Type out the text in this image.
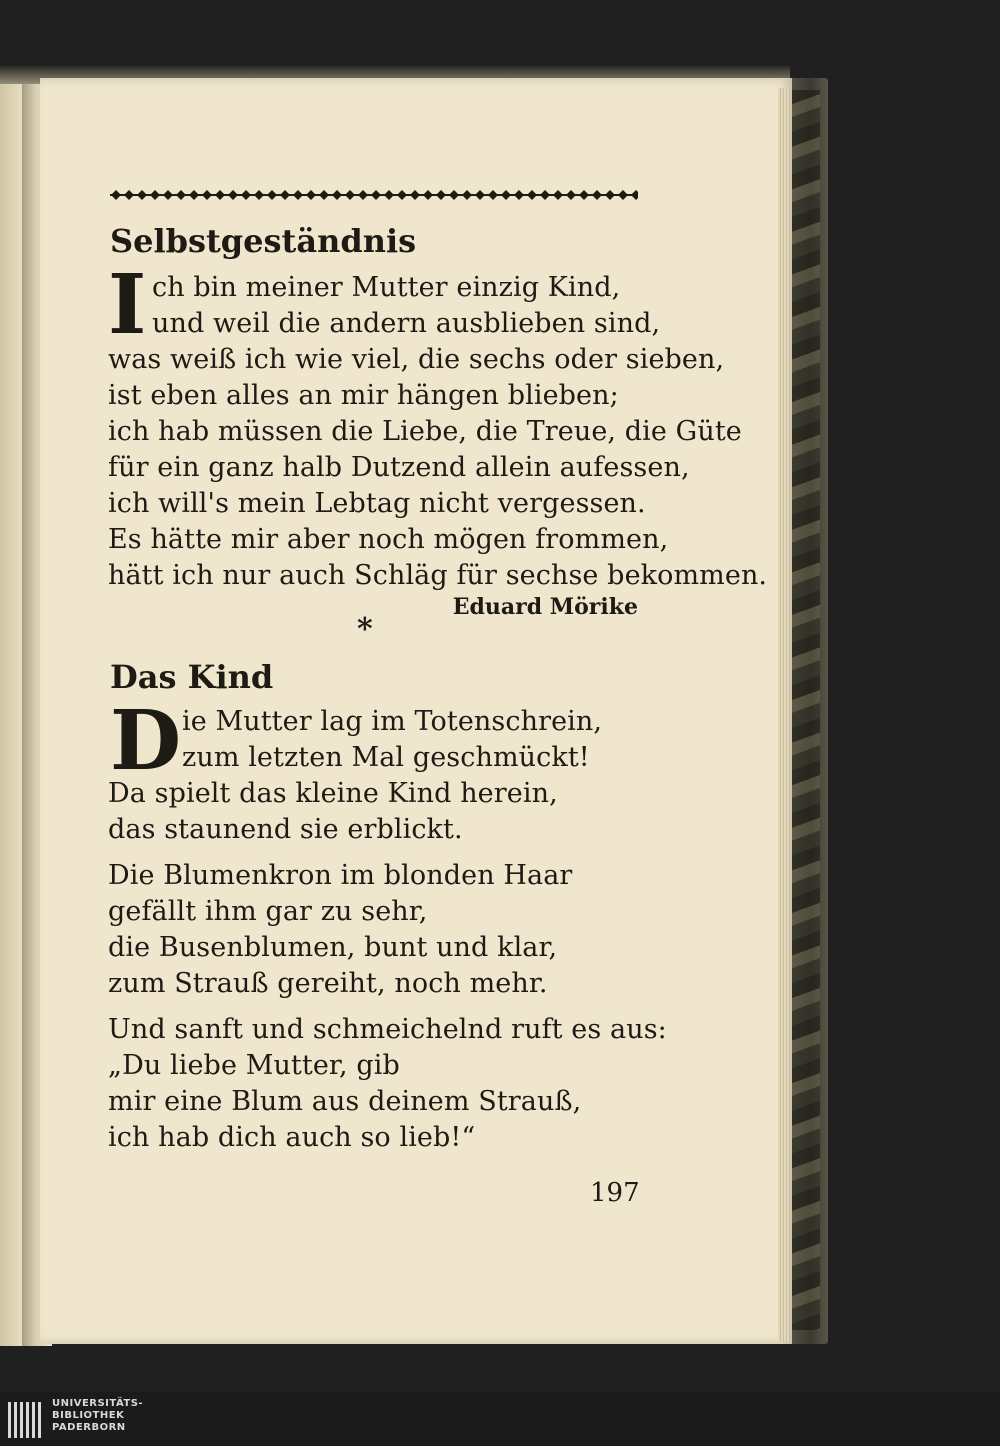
Selbstgeständnis
I ch bin meiner Mutter einzig Kind,
und weil die andern ausblieben sind,
was weiß ich wie viel, die sechs oder sieben,
ist eben alles an mir hängen blieben;
ich hab müssen die Liebe, die Treue, die Güte
für ein ganz halb Dutzend allein aufessen,
ich will's mein Lebtag nicht vergessen.
Es hätte mir aber noch mögen frommen,
hätt ich nur auch Schläg für sechse bekommen.
Eduard Mörike
*
Das Kind
D ie Mutter lag im Totenschrein,
zum letzten Mal geschmückt!
Da spielt das kleine Kind herein,
das staunend sie erblickt.
Die Blumenkron im blonden Haar
gefällt ihm gar zu sehr,
die Busenblumen, bunt und klar,
zum Strauß gereiht, noch mehr.
Und sanft und schmeichelnd ruft es aus:
„Du liebe Mutter, gib
mir eine Blum aus deinem Strauß,
ich hab dich auch so lieb!“
197
UNIVERSITÄTS-
BIBLIOTHEK
PADERBORN
